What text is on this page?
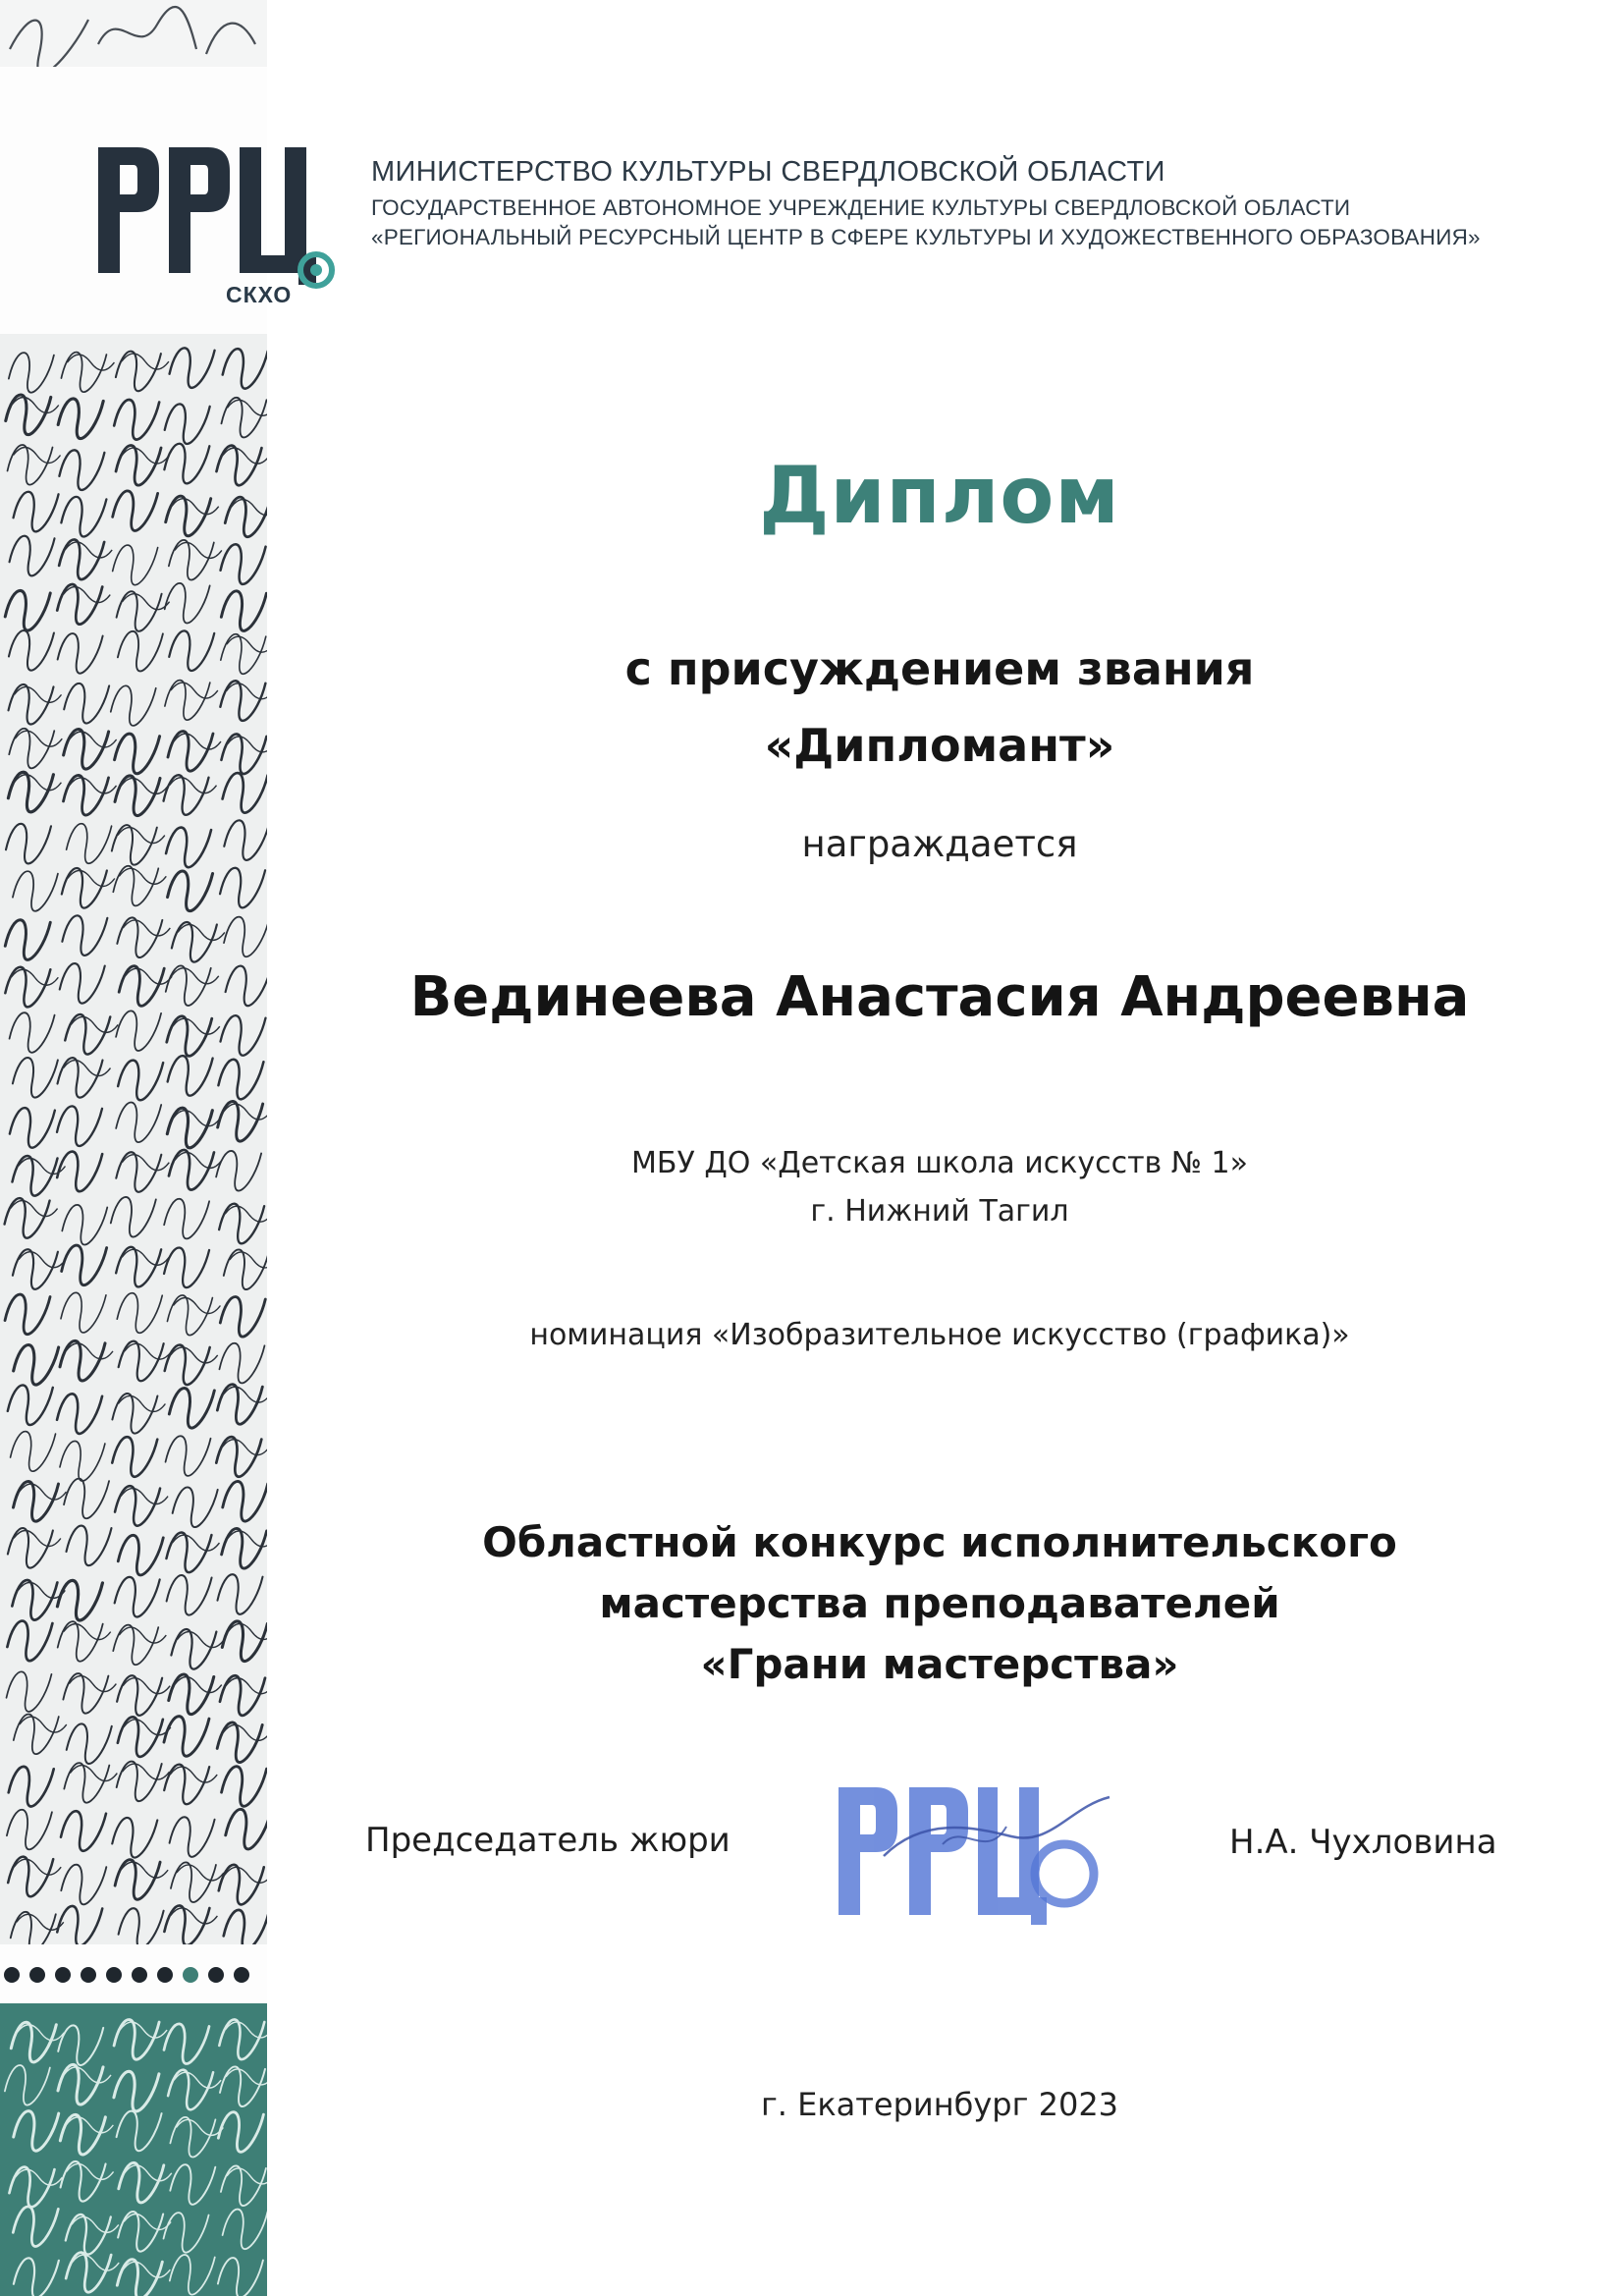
СКХО
МИНИСТЕРСТВО КУЛЬТУРЫ СВЕРДЛОВСКОЙ ОБЛАСТИ
ГОСУДАРСТВЕННОЕ АВТОНОМНОЕ УЧРЕЖДЕНИЕ КУЛЬТУРЫ СВЕРДЛОВСКОЙ ОБЛАСТИ
«РЕГИОНАЛЬНЫЙ РЕСУРСНЫЙ ЦЕНТР В СФЕРЕ КУЛЬТУРЫ И ХУДОЖЕСТВЕННОГО ОБРАЗОВАНИЯ»
Диплом
с присуждением звания
«Дипломант»
награждается
Вединеева Анастасия Андреевна
МБУ ДО «Детская школа искусств № 1»
г. Нижний Тагил
номинация «Изобразительное искусство (графика)»
Областной конкурс исполнительского
мастерства преподавателей
«Грани мастерства»
Председатель жюри	Н.А. Чухловина
г. Екатеринбург 2023
